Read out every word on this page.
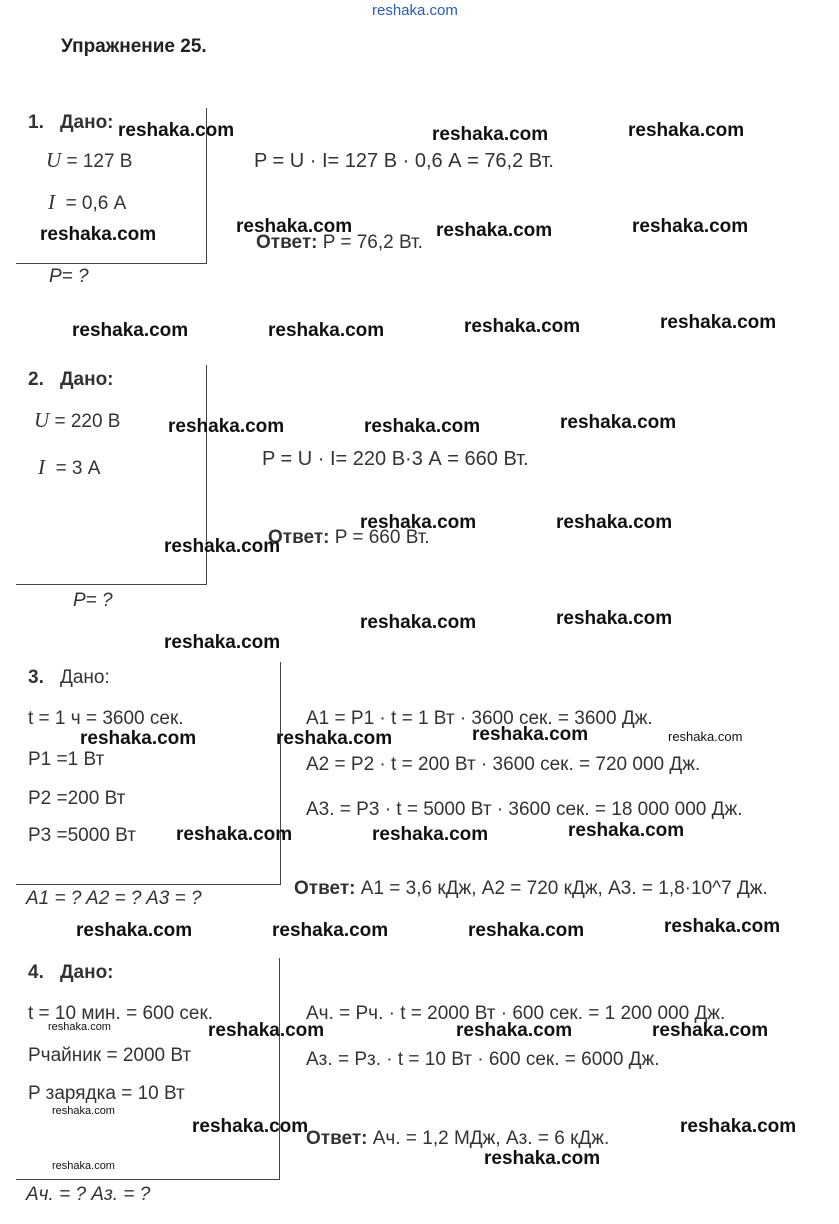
reshaka.com
Упражнение 25.
1. Дано:
U = 127 В
I = 0,6 А
P= ?
P = U · I= 127 В · 0,6 А = 76,2 Вт.
Ответ: P = 76,2 Вт.
2. Дано:
U = 220 В
I = 3 А
P= ?
P = U · I= 220 В·3 А = 660 Вт.
Ответ: P = 660 Вт.
3. Дано:
t = 1 ч = 3600 сек.
P1 =1 Вт
P2 =200 Вт
P3 =5000 Вт
A1 = ? A2 = ? A3 = ?
A1 = P1 · t = 1 Вт · 3600 сек. = 3600 Дж.
A2 = P2 · t = 200 Вт · 3600 сек. = 720 000 Дж.
A3. = P3 · t = 5000 Вт · 3600 сек. = 18 000 000 Дж.
Ответ: A1 = 3,6 кДж, A2 = 720 кДж, A3. = 1,8·10^7 Дж.
4. Дано:
t = 10 мин. = 600 сек.
Pчайник = 2000 Вт
P зарядка = 10 Вт
Aч. = ? Aз. = ?
Aч. = Pч. · t = 2000 Вт · 600 сек. = 1 200 000 Дж.
Aз. = Pз. · t = 10 Вт · 600 сек. = 6000 Дж.
Ответ: Aч. = 1,2 МДж, Aз. = 6 кДж.
reshaka.com	reshaka.com	reshaka.com
reshaka.com	reshaka.com	reshaka.com
reshaka.com
reshaka.com	reshaka.com	reshaka.com	reshaka.com
reshaka.com	reshaka.com	reshaka.com
reshaka.com	reshaka.com
reshaka.com
reshaka.com	reshaka.com
reshaka.com
reshaka.com	reshaka.com	reshaka.com	reshaka.com
reshaka.com	reshaka.com	reshaka.com
reshaka.com	reshaka.com	reshaka.com	reshaka.com
reshaka.com	reshaka.com	reshaka.com	reshaka.com
reshaka.com
reshaka.com	reshaka.com
reshaka.com
reshaka.com
